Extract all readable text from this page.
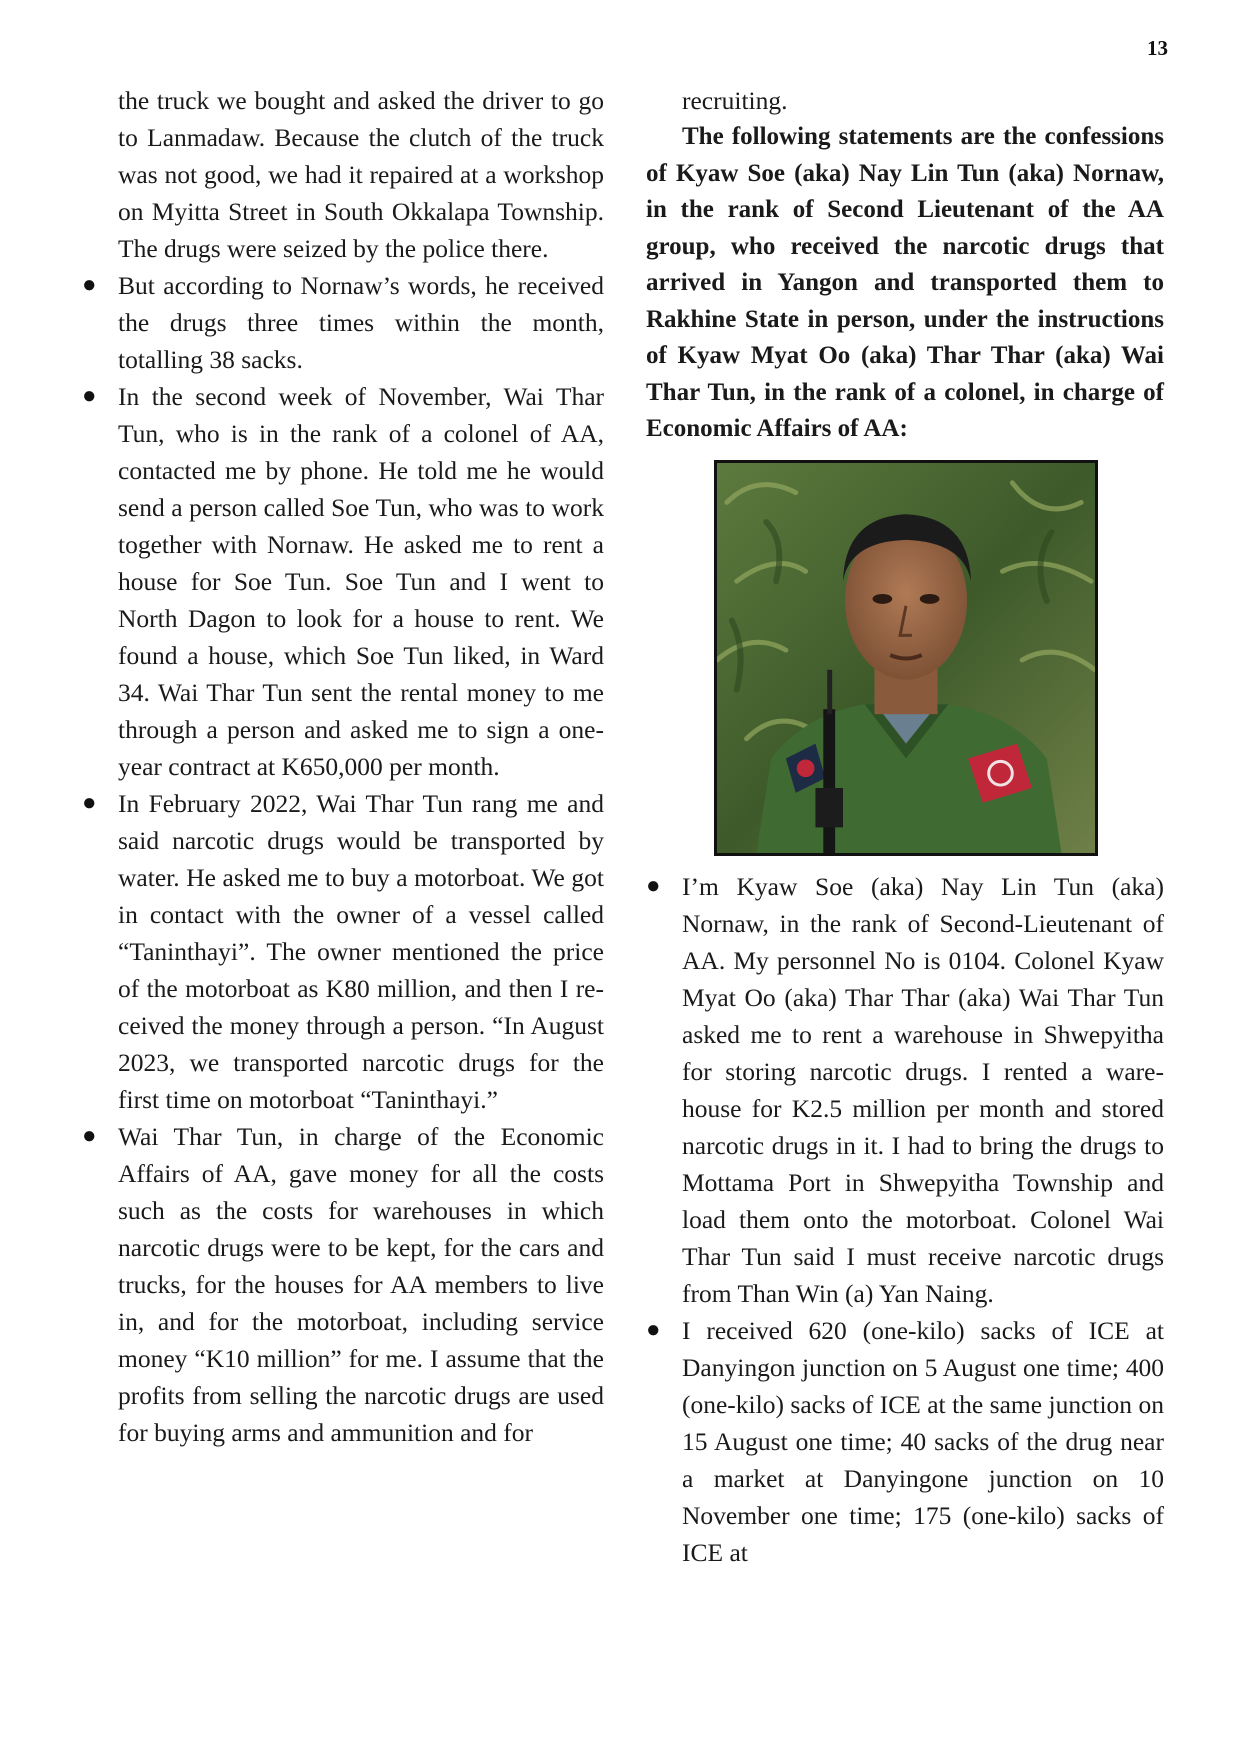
13

the truck we bought and asked the driver to go to Lanmadaw. Because the clutch of the truck was not good, we had it repaired at a workshop on Myitta Street in South Okkalapa Township. The drugs were seized by the police there.

● But according to Nornaw’s words, he received the drugs three times within the month, totalling 38 sacks.
● In the second week of November, Wai Thar Tun, who is in the rank of a colonel of AA, contacted me by phone. He told me he would send a person called Soe Tun, who was to work together with Nornaw. He asked me to rent a house for Soe Tun. Soe Tun and I went to North Dagon to look for a house to rent. We found a house, which Soe Tun liked, in Ward 34. Wai Thar Tun sent the rental money to me through a person and asked me to sign a one-year contract at K650,000 per month.
● In February 2022, Wai Thar Tun rang me and said narcotic drugs would be transported by water. He asked me to buy a motorboat. We got in contact with the owner of a vessel called “Taninthayi”. The owner mentioned the price of the motorboat as K80 million, and then I received the money through a person. “In August 2023, we transported narcotic drugs for the first time on motorboat “Taninthayi.”
● Wai Thar Tun, in charge of the Economic Affairs of AA, gave money for all the costs such as the costs for warehouses in which narcotic drugs were to be kept, for the cars and trucks, for the houses for AA members to live in, and for the motorboat, including service money “K10 million” for me. I assume that the profits from selling the narcotic drugs are used for buying arms and ammunition and for

recruiting.

The following statements are the confessions of Kyaw Soe (aka) Nay Lin Tun (aka) Nornaw, in the rank of Second Lieutenant of the AA group, who received the narcotic drugs that arrived in Yangon and transported them to Rakhine State in person, under the instructions of Kyaw Myat Oo (aka) Thar Thar (aka) Wai Thar Tun, in the rank of a colonel, in charge of Economic Affairs of AA:

● I’m Kyaw Soe (aka) Nay Lin Tun (aka) Nornaw, in the rank of Second-Lieutenant of AA. My personnel No is 0104. Colonel Kyaw Myat Oo (aka) Thar Thar (aka) Wai Thar Tun asked me to rent a warehouse in Shwepyitha for storing narcotic drugs. I rented a warehouse for K2.5 million per month and stored narcotic drugs in it. I had to bring the drugs to Mottama Port in Shwepyitha Township and load them onto the motorboat. Colonel Wai Thar Tun said I must receive narcotic drugs from Than Win (a) Yan Naing.
● I received 620 (one-kilo) sacks of ICE at Danyingon junction on 5 August one time; 400 (one-kilo) sacks of ICE at the same junction on 15 August one time; 40 sacks of the drug near a market at Danyingone junction on 10 November one time; 175 (one-kilo) sacks of ICE at
